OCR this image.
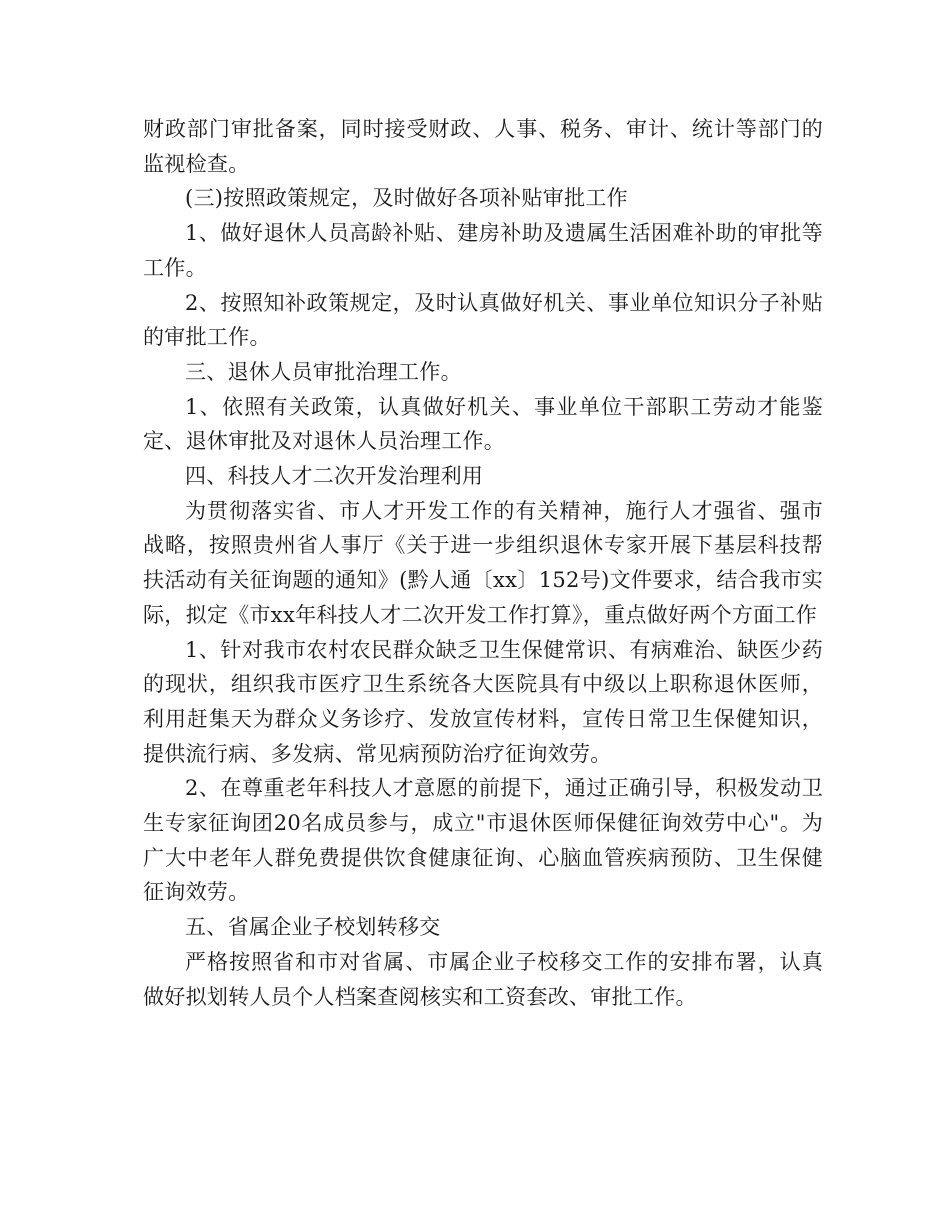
财政部门审批备案，同时接受财政、人事、税务、审计、统计等部门的监视检查。

(三)按照政策规定，及时做好各项补贴审批工作

1、做好退休人员高龄补贴、建房补助及遗属生活困难补助的审批等工作。

2、按照知补政策规定，及时认真做好机关、事业单位知识分子补贴的审批工作。

三、退休人员审批治理工作。

1、依照有关政策，认真做好机关、事业单位干部职工劳动才能鉴定、退休审批及对退休人员治理工作。

四、科技人才二次开发治理利用

为贯彻落实省、市人才开发工作的有关精神，施行人才强省、强市战略，按照贵州省人事厅《关于进一步组织退休专家开展下基层科技帮扶活动有关征询题的通知》(黔人通〔xx〕152号)文件要求，结合我市实际，拟定《市xx年科技人才二次开发工作打算》，重点做好两个方面工作

1、针对我市农村农民群众缺乏卫生保健常识、有病难治、缺医少药的现状，组织我市医疗卫生系统各大医院具有中级以上职称退休医师，利用赶集天为群众义务诊疗、发放宣传材料，宣传日常卫生保健知识，提供流行病、多发病、常见病预防治疗征询效劳。

2、在尊重老年科技人才意愿的前提下，通过正确引导，积极发动卫生专家征询团20名成员参与，成立"市退休医师保健征询效劳中心"。为广大中老年人群免费提供饮食健康征询、心脑血管疾病预防、卫生保健征询效劳。

五、省属企业子校划转移交

严格按照省和市对省属、市属企业子校移交工作的安排布署，认真做好拟划转人员个人档案查阅核实和工资套改、审批工作。
